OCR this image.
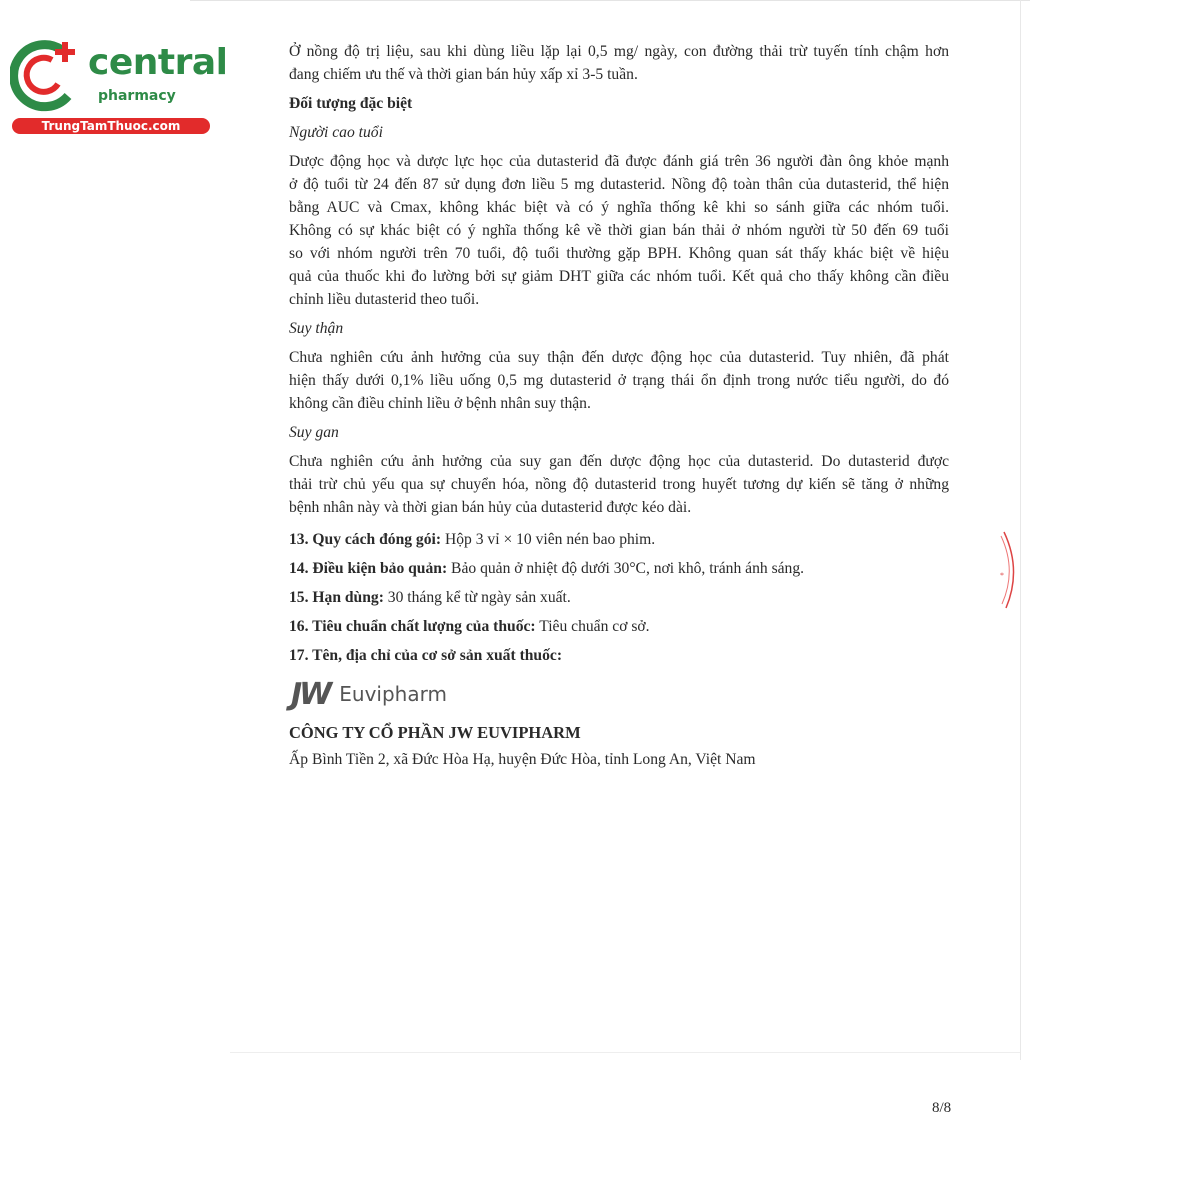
central
pharmacy
TrungTamThuoc.com
Ở nồng độ trị liệu, sau khi dùng liều lặp lại 0,5 mg/ ngày, con đường thải trừ tuyến tính chậm hơn
đang chiếm ưu thế và thời gian bán hủy xấp xỉ 3-5 tuần.
Đối tượng đặc biệt
Người cao tuổi
Dược động học và dược lực học của dutasterid đã được đánh giá trên 36 người đàn ông khỏe mạnh
ở độ tuổi từ 24 đến 87 sử dụng đơn liều 5 mg dutasterid. Nồng độ toàn thân của dutasterid, thể hiện
bằng AUC và Cmax, không khác biệt và có ý nghĩa thống kê khi so sánh giữa các nhóm tuổi.
Không có sự khác biệt có ý nghĩa thống kê về thời gian bán thải ở nhóm người từ 50 đến 69 tuổi
so với nhóm người trên 70 tuổi, độ tuổi thường gặp BPH. Không quan sát thấy khác biệt về hiệu
quả của thuốc khi đo lường bởi sự giảm DHT giữa các nhóm tuổi. Kết quả cho thấy không cần điều
chỉnh liều dutasterid theo tuổi.
Suy thận
Chưa nghiên cứu ảnh hưởng của suy thận đến dược động học của dutasterid. Tuy nhiên, đã phát
hiện thấy dưới 0,1% liều uống 0,5 mg dutasterid ở trạng thái ổn định trong nước tiểu người, do đó
không cần điều chỉnh liều ở bệnh nhân suy thận.
Suy gan
Chưa nghiên cứu ảnh hưởng của suy gan đến dược động học của dutasterid. Do dutasterid được
thải trừ chủ yếu qua sự chuyển hóa, nồng độ dutasterid trong huyết tương dự kiến sẽ tăng ở những
bệnh nhân này và thời gian bán hủy của dutasterid được kéo dài.
13. Quy cách đóng gói: Hộp 3 vỉ × 10 viên nén bao phim.
14. Điều kiện bảo quản: Bảo quản ở nhiệt độ dưới 30°C, nơi khô, tránh ánh sáng.
15. Hạn dùng: 30 tháng kể từ ngày sản xuất.
16. Tiêu chuẩn chất lượng của thuốc: Tiêu chuẩn cơ sở.
17. Tên, địa chỉ của cơ sở sản xuất thuốc:
JW Euvipharm
CÔNG TY CỔ PHẦN JW EUVIPHARM
Ấp Bình Tiền 2, xã Đức Hòa Hạ, huyện Đức Hòa, tỉnh Long An, Việt Nam
*
8/8
